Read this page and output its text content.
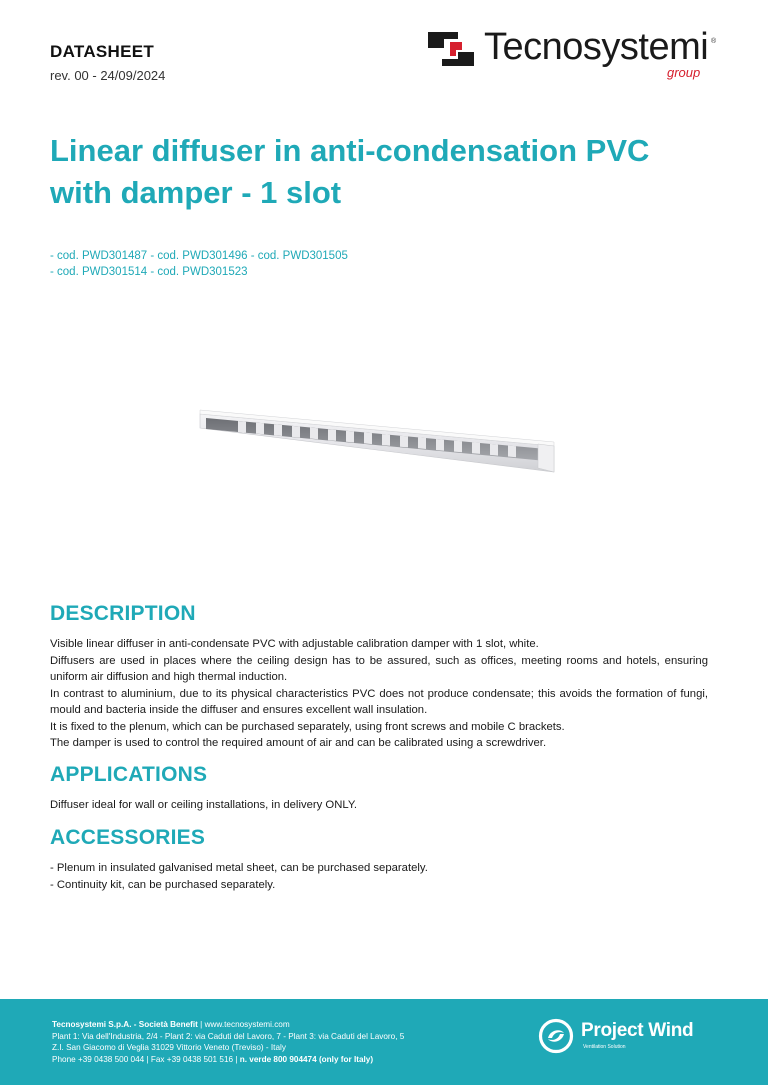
DATASHEET
rev. 00 - 24/09/2024
Tecnosystemi ®
group
Linear diffuser in anti-condensation PVC
with damper - 1 slot
- cod. PWD301487 - cod. PWD301496 - cod. PWD301505
- cod. PWD301514 - cod. PWD301523
DESCRIPTION

Visible linear diffuser in anti-condensate PVC with adjustable calibration damper with 1 slot, white.

Diffusers are used in places where the ceiling design has to be assured, such as offices, meeting rooms and hotels, ensuring uniform air diffusion and high thermal induction.

In contrast to aluminium, due to its physical characteristics PVC does not produce condensate; this avoids the formation of fungi, mould and bacteria inside the diffuser and ensures excellent wall insulation.

It is fixed to the plenum, which can be purchased separately, using front screws and mobile C brackets.

The damper is used to control the required amount of air and can be calibrated using a screwdriver.

APPLICATIONS

Diffuser ideal for wall or ceiling installations, in delivery ONLY.

ACCESSORIES

- Plenum in insulated galvanised metal sheet, can be purchased separately.

- Continuity kit, can be purchased separately.

Tecnosystemi S.p.A. - Società Benefit | www.tecnosystemi.com
Plant 1: Via dell'Industria, 2/4 - Plant 2: via Caduti del Lavoro, 7 - Plant 3: via Caduti del Lavoro, 5
Z.I. San Giacomo di Veglia 31029 Vittorio Veneto (Treviso) - Italy
Phone +39 0438 500 044 | Fax +39 0438 501 516 | n. verde 800 904474 (only for Italy)
Project Wind
Ventilation Solution
